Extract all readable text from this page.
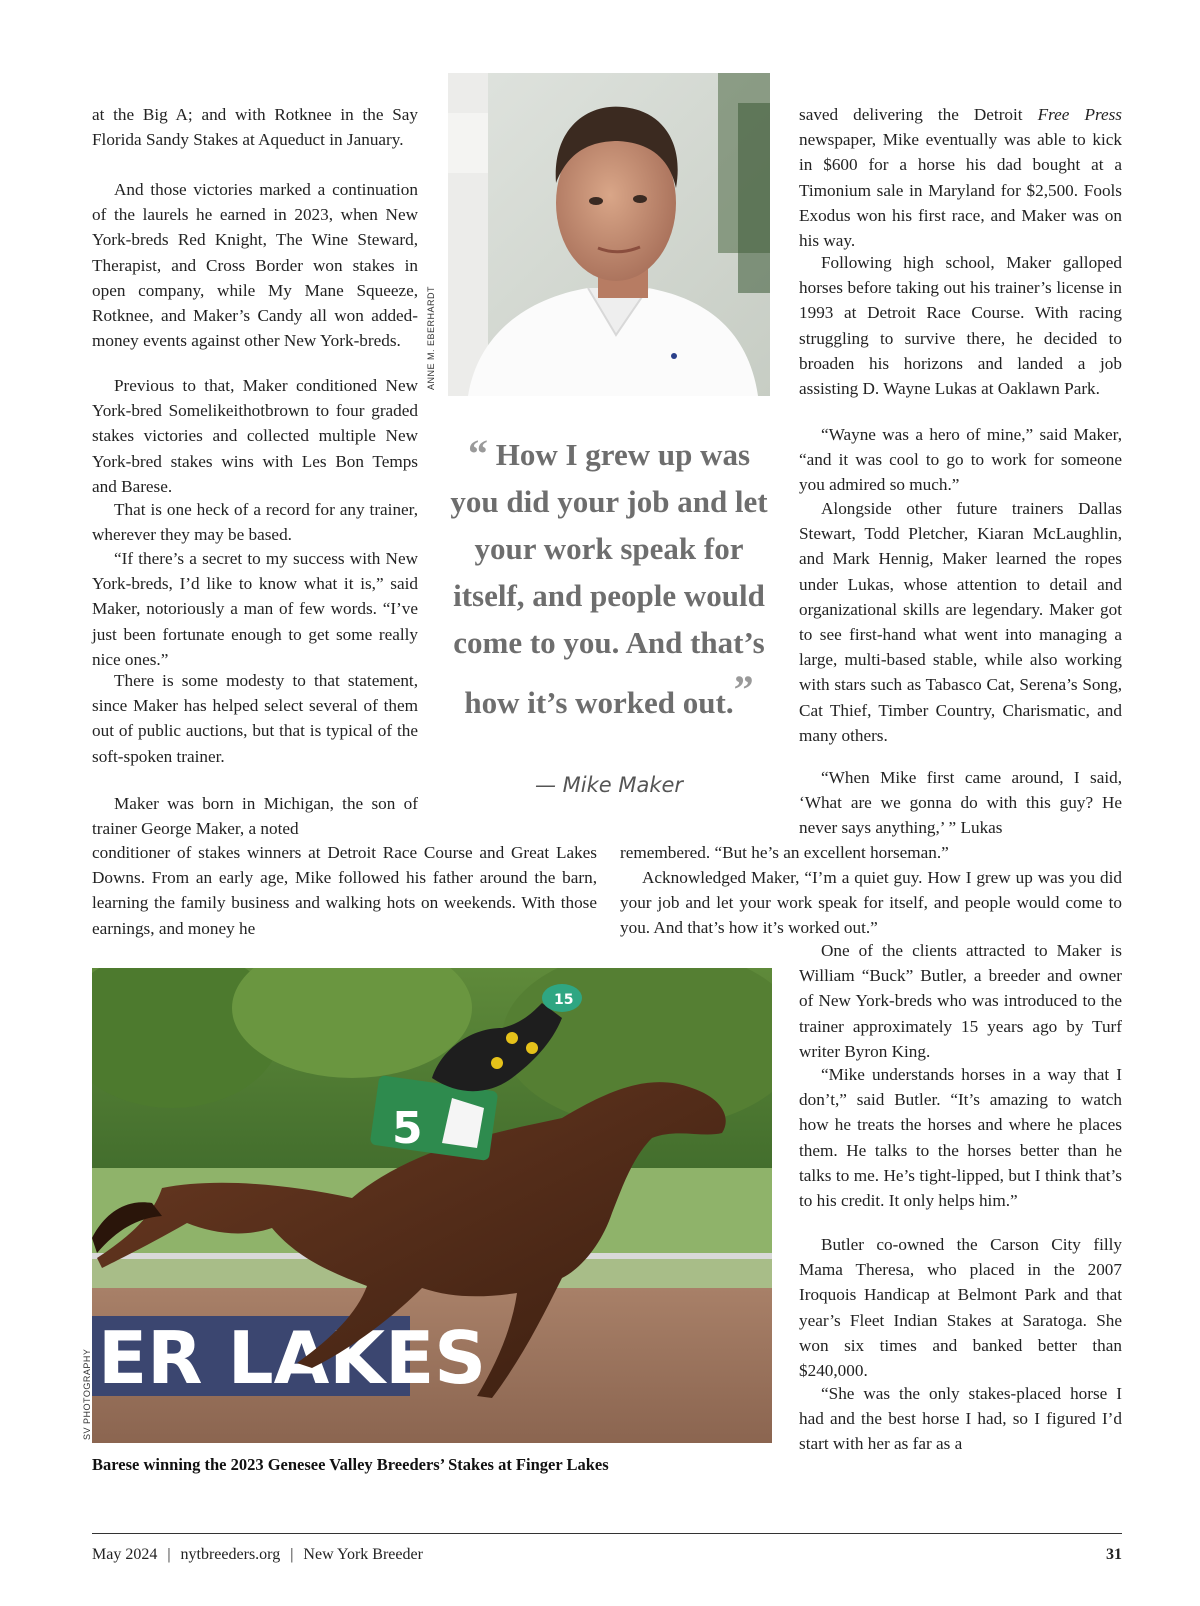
at the Big A; and with Rotknee in the Say Florida Sandy Stakes at Aqueduct in January.

And those victories marked a continuation of the laurels he earned in 2023, when New York-breds Red Knight, The Wine Steward, Therapist, and Cross Border won stakes in open company, while My Mane Squeeze, Rotknee, and Maker’s Candy all won added-money events against other New York-breds.

Previous to that, Maker conditioned New York-bred Somelikeithotbrown to four graded stakes victories and collected multiple New York-bred stakes wins with Les Bon Temps and Barese.

That is one heck of a record for any trainer, wherever they may be based.

“If there’s a secret to my success with New York-breds, I’d like to know what it is,” said Maker, notoriously a man of few words. “I’ve just been fortunate enough to get some really nice ones.”

There is some modesty to that statement, since Maker has helped select several of them out of public auctions, but that is typical of the soft-spoken trainer.

Maker was born in Michigan, the son of trainer George Maker, a noted

conditioner of stakes winners at Detroit Race Course and Great Lakes Downs. From an early age, Mike followed his father around the barn, learning the family business and walking hots on weekends. With those earnings, and money he

ANNE M. EBERHARDT

“ How I grew up was you did your job and let your work speak for itself, and people would come to you. And that’s how it’s worked out.”

— Mike Maker

saved delivering the Detroit Free Press newspaper, Mike eventually was able to kick in $600 for a horse his dad bought at a Timonium sale in Maryland for $2,500. Fools Exodus won his first race, and Maker was on his way.

Following high school, Maker galloped horses before taking out his trainer’s license in 1993 at Detroit Race Course. With racing struggling to survive there, he decided to broaden his horizons and landed a job assisting D. Wayne Lukas at Oaklawn Park.

“Wayne was a hero of mine,” said Maker, “and it was cool to go to work for someone you admired so much.”

Alongside other future trainers Dallas Stewart, Todd Pletcher, Kiaran McLaughlin, and Mark Hennig, Maker learned the ropes under Lukas, whose attention to detail and organizational skills are legendary. Maker got to see first-hand what went into managing a large, multi-based stable, while also working with stars such as Tabasco Cat, Serena’s Song, Cat Thief, Timber Country, Charismatic, and many others.

“When Mike first came around, I said, ‘What are we gonna do with this guy? He never says anything,’ ” Lukas

remembered. “But he’s an excellent horseman.”

Acknowledged Maker, “I’m a quiet guy. How I grew up was you did your job and let your work speak for itself, and people would come to you. And that’s how it’s worked out.”

One of the clients attracted to Maker is William “Buck” Butler, a breeder and owner of New York-breds who was introduced to the trainer approximately 15 years ago by Turf writer Byron King.

“Mike understands horses in a way that I don’t,” said Butler. “It’s amazing to watch how he treats the horses and where he places them. He talks to the horses better than he talks to me. He’s tight-lipped, but I think that’s to his credit. It only helps him.”

Butler co-owned the Carson City filly Mama Theresa, who placed in the 2007 Iroquois Handicap at Belmont Park and that year’s Fleet Indian Stakes at Saratoga. She won six times and banked better than $240,000.

“She was the only stakes-placed horse I had and the best horse I had, so I figured I’d start with her as far as a

ER LAKES
5
15
SV PHOTOGRAPHY
Barese winning the 2023 Genesee Valley Breeders’ Stakes at Finger Lakes
May 2024 | nytbreeders.org | New York Breeder	31
